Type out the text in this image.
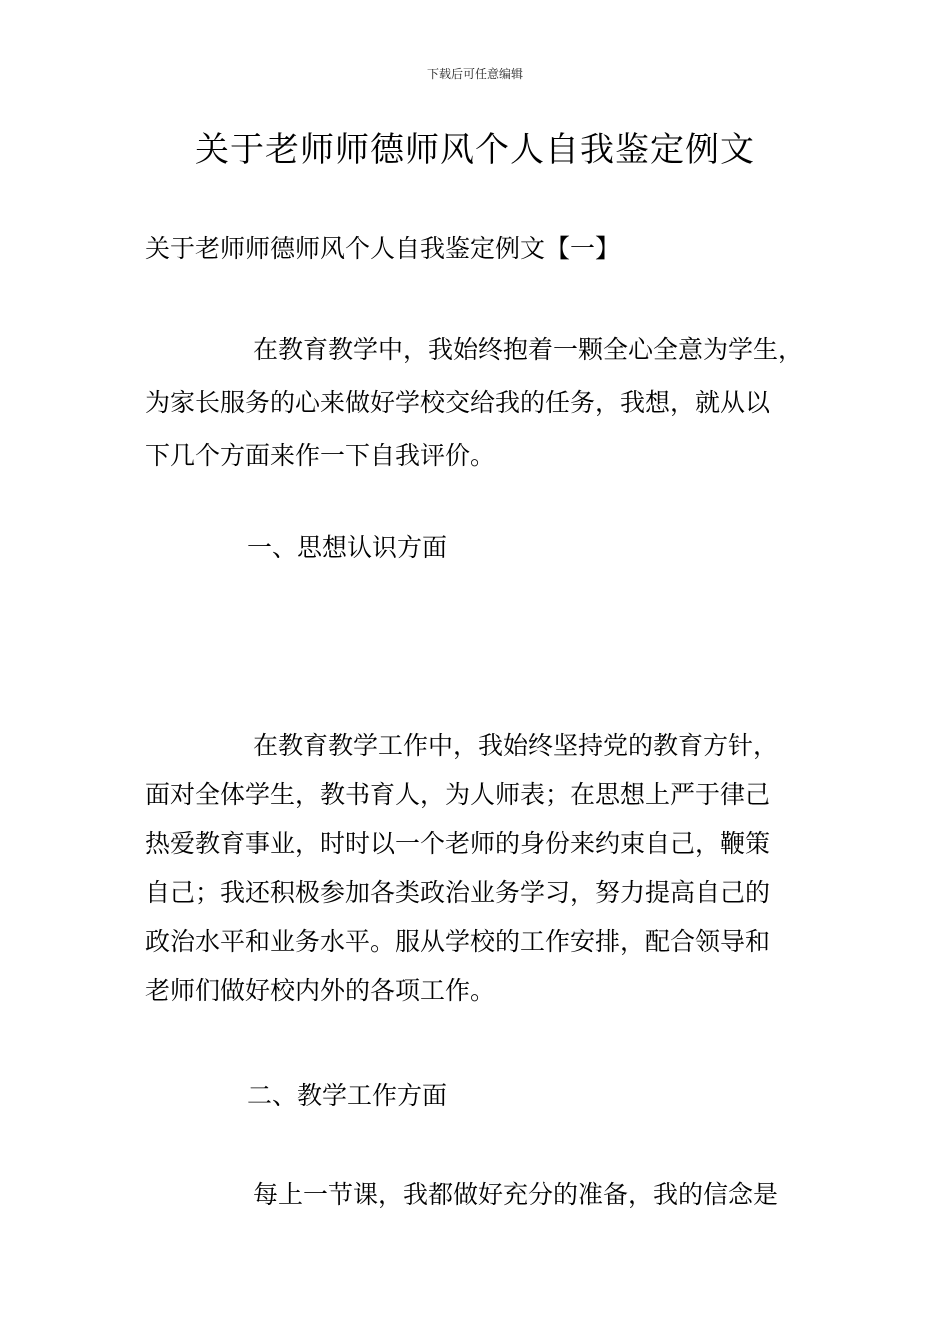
下载后可任意编辑
关于老师师德师风个人自我鉴定例文

关于老师师德师风个人自我鉴定例文【一】

在教育教学中，我始终抱着一颗全心全意为学生，
为家长服务的心来做好学校交给我的任务，我想，就从以
下几个方面来作一下自我评价。

一、思想认识方面

在教育教学工作中，我始终坚持党的教育方针，
面对全体学生，教书育人，为人师表；在思想上严于律己
热爱教育事业，时时以一个老师的身份来约束自己，鞭策
自己；我还积极参加各类政治业务学习，努力提高自己的
政治水平和业务水平。服从学校的工作安排，配合领导和
老师们做好校内外的各项工作。

二、教学工作方面

每上一节课，我都做好充分的准备，我的信念是
